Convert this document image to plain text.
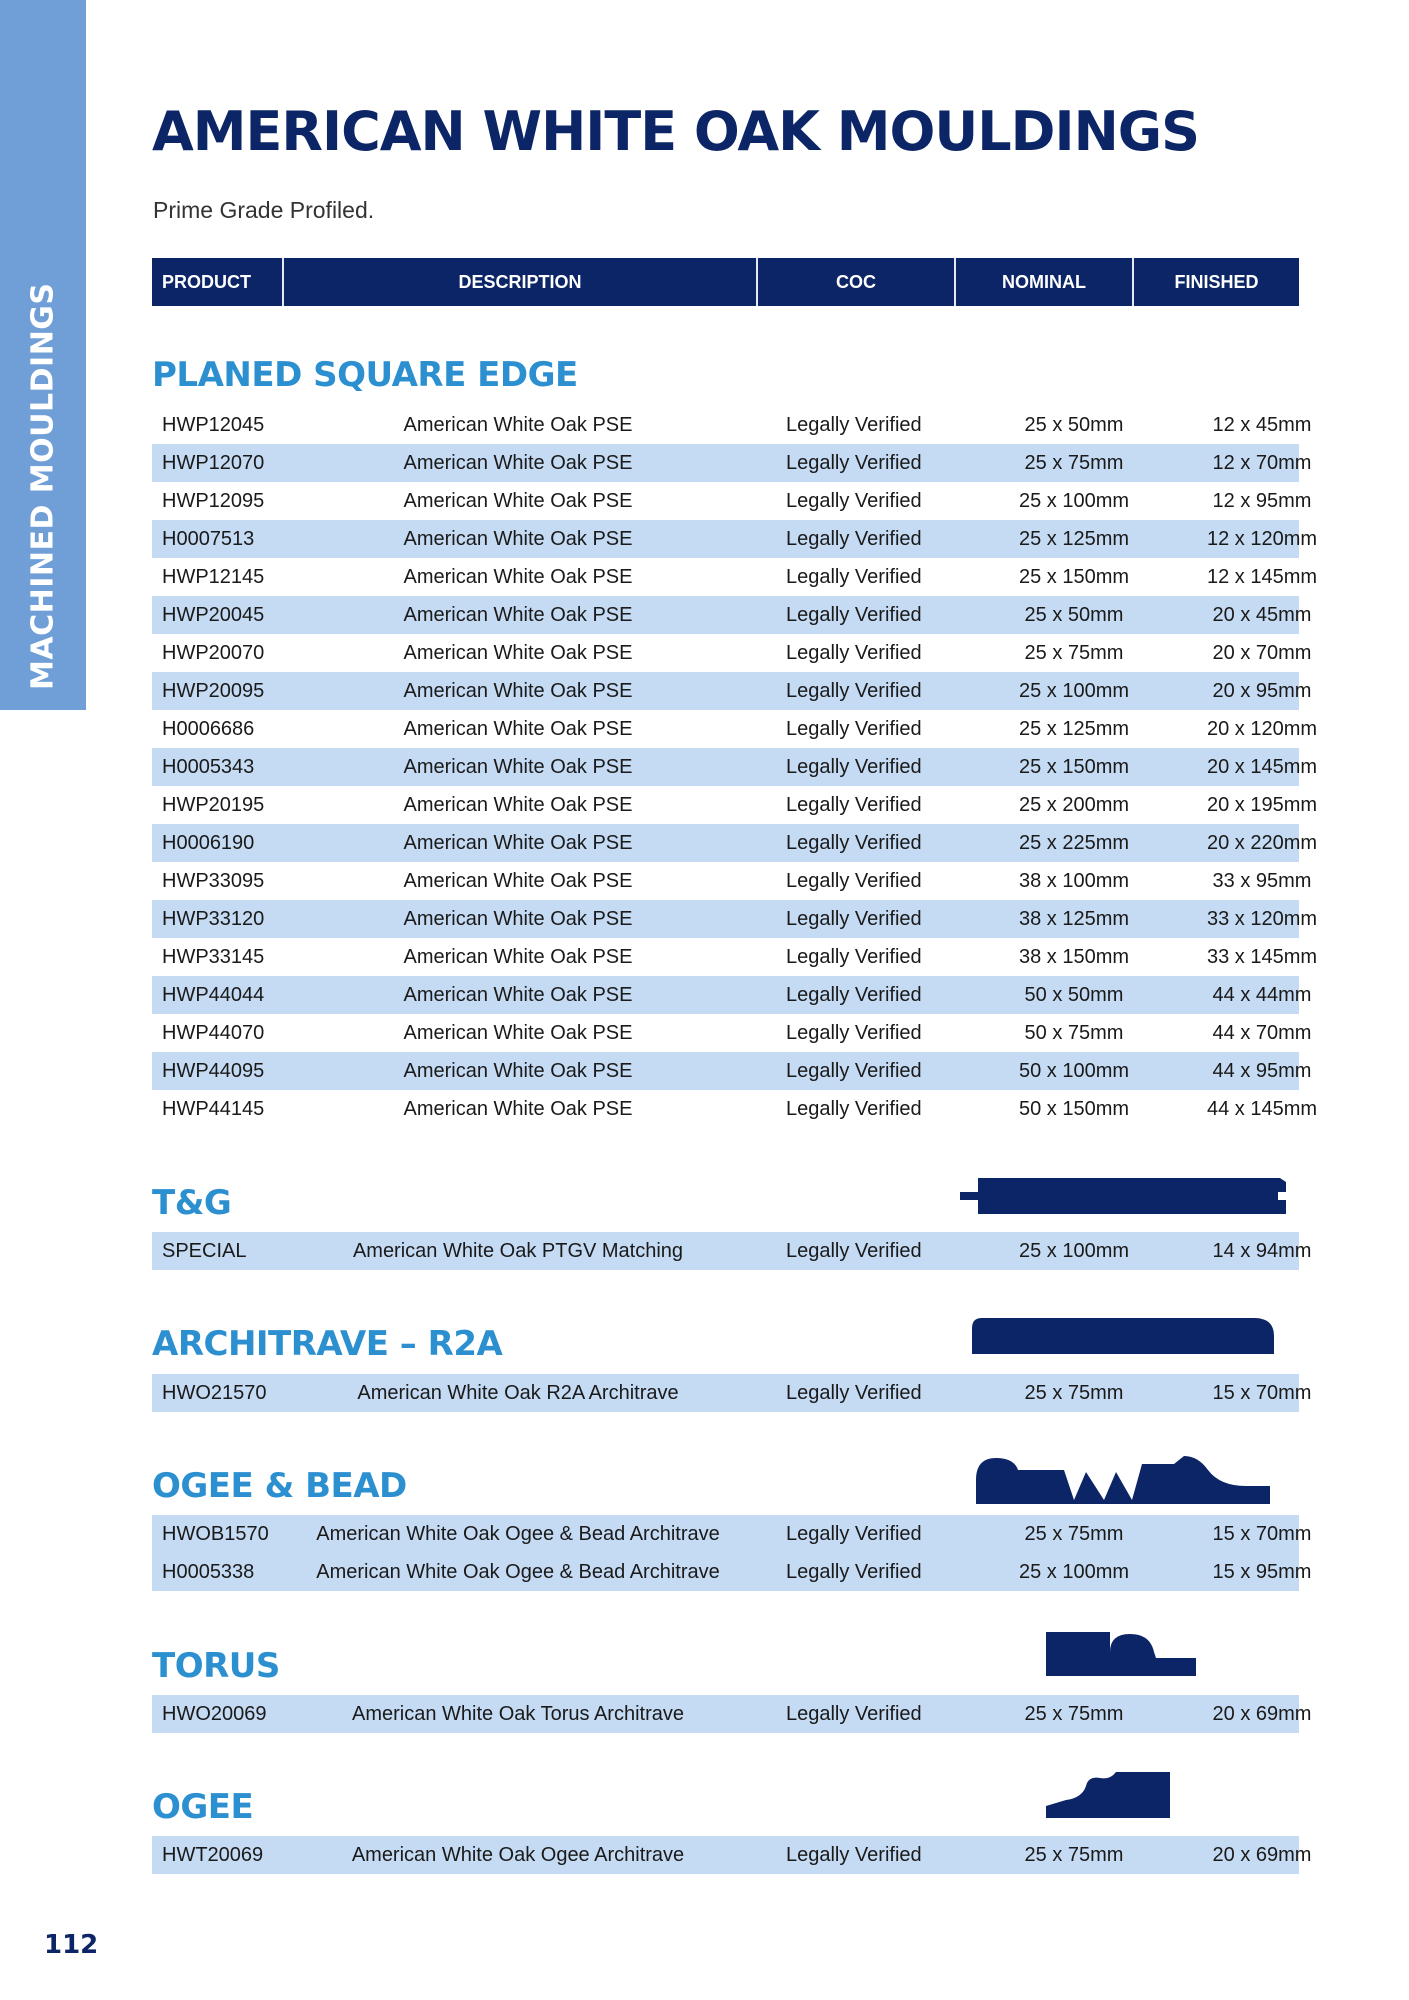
MACHINED MOULDINGS
AMERICAN WHITE OAK MOULDINGS
Prime Grade Profiled.
PRODUCT	DESCRIPTION	COC	NOMINAL	FINISHED
PLANED SQUARE EDGE
HWP12045	American White Oak PSE	Legally Verified	25 x 50mm	12 x 45mm
HWP12070	American White Oak PSE	Legally Verified	25 x 75mm	12 x 70mm
HWP12095	American White Oak PSE	Legally Verified	25 x 100mm	12 x 95mm
H0007513	American White Oak PSE	Legally Verified	25 x 125mm	12 x 120mm
HWP12145	American White Oak PSE	Legally Verified	25 x 150mm	12 x 145mm
HWP20045	American White Oak PSE	Legally Verified	25 x 50mm	20 x 45mm
HWP20070	American White Oak PSE	Legally Verified	25 x 75mm	20 x 70mm
HWP20095	American White Oak PSE	Legally Verified	25 x 100mm	20 x 95mm
H0006686	American White Oak PSE	Legally Verified	25 x 125mm	20 x 120mm
H0005343	American White Oak PSE	Legally Verified	25 x 150mm	20 x 145mm
HWP20195	American White Oak PSE	Legally Verified	25 x 200mm	20 x 195mm
H0006190	American White Oak PSE	Legally Verified	25 x 225mm	20 x 220mm
HWP33095	American White Oak PSE	Legally Verified	38 x 100mm	33 x 95mm
HWP33120	American White Oak PSE	Legally Verified	38 x 125mm	33 x 120mm
HWP33145	American White Oak PSE	Legally Verified	38 x 150mm	33 x 145mm
HWP44044	American White Oak PSE	Legally Verified	50 x 50mm	44 x 44mm
HWP44070	American White Oak PSE	Legally Verified	50 x 75mm	44 x 70mm
HWP44095	American White Oak PSE	Legally Verified	50 x 100mm	44 x 95mm
HWP44145	American White Oak PSE	Legally Verified	50 x 150mm	44 x 145mm
T&G
SPECIAL	American White Oak PTGV Matching	Legally Verified	25 x 100mm	14 x 94mm
ARCHITRAVE – R2A
HWO21570	American White Oak R2A Architrave	Legally Verified	25 x 75mm	15 x 70mm
OGEE & BEAD
HWOB1570	American White Oak Ogee & Bead Architrave	Legally Verified	25 x 75mm	15 x 70mm
H0005338	American White Oak Ogee & Bead Architrave	Legally Verified	25 x 100mm	15 x 95mm
TORUS
HWO20069	American White Oak Torus Architrave	Legally Verified	25 x 75mm	20 x 69mm
OGEE
HWT20069	American White Oak Ogee Architrave	Legally Verified	25 x 75mm	20 x 69mm
112
